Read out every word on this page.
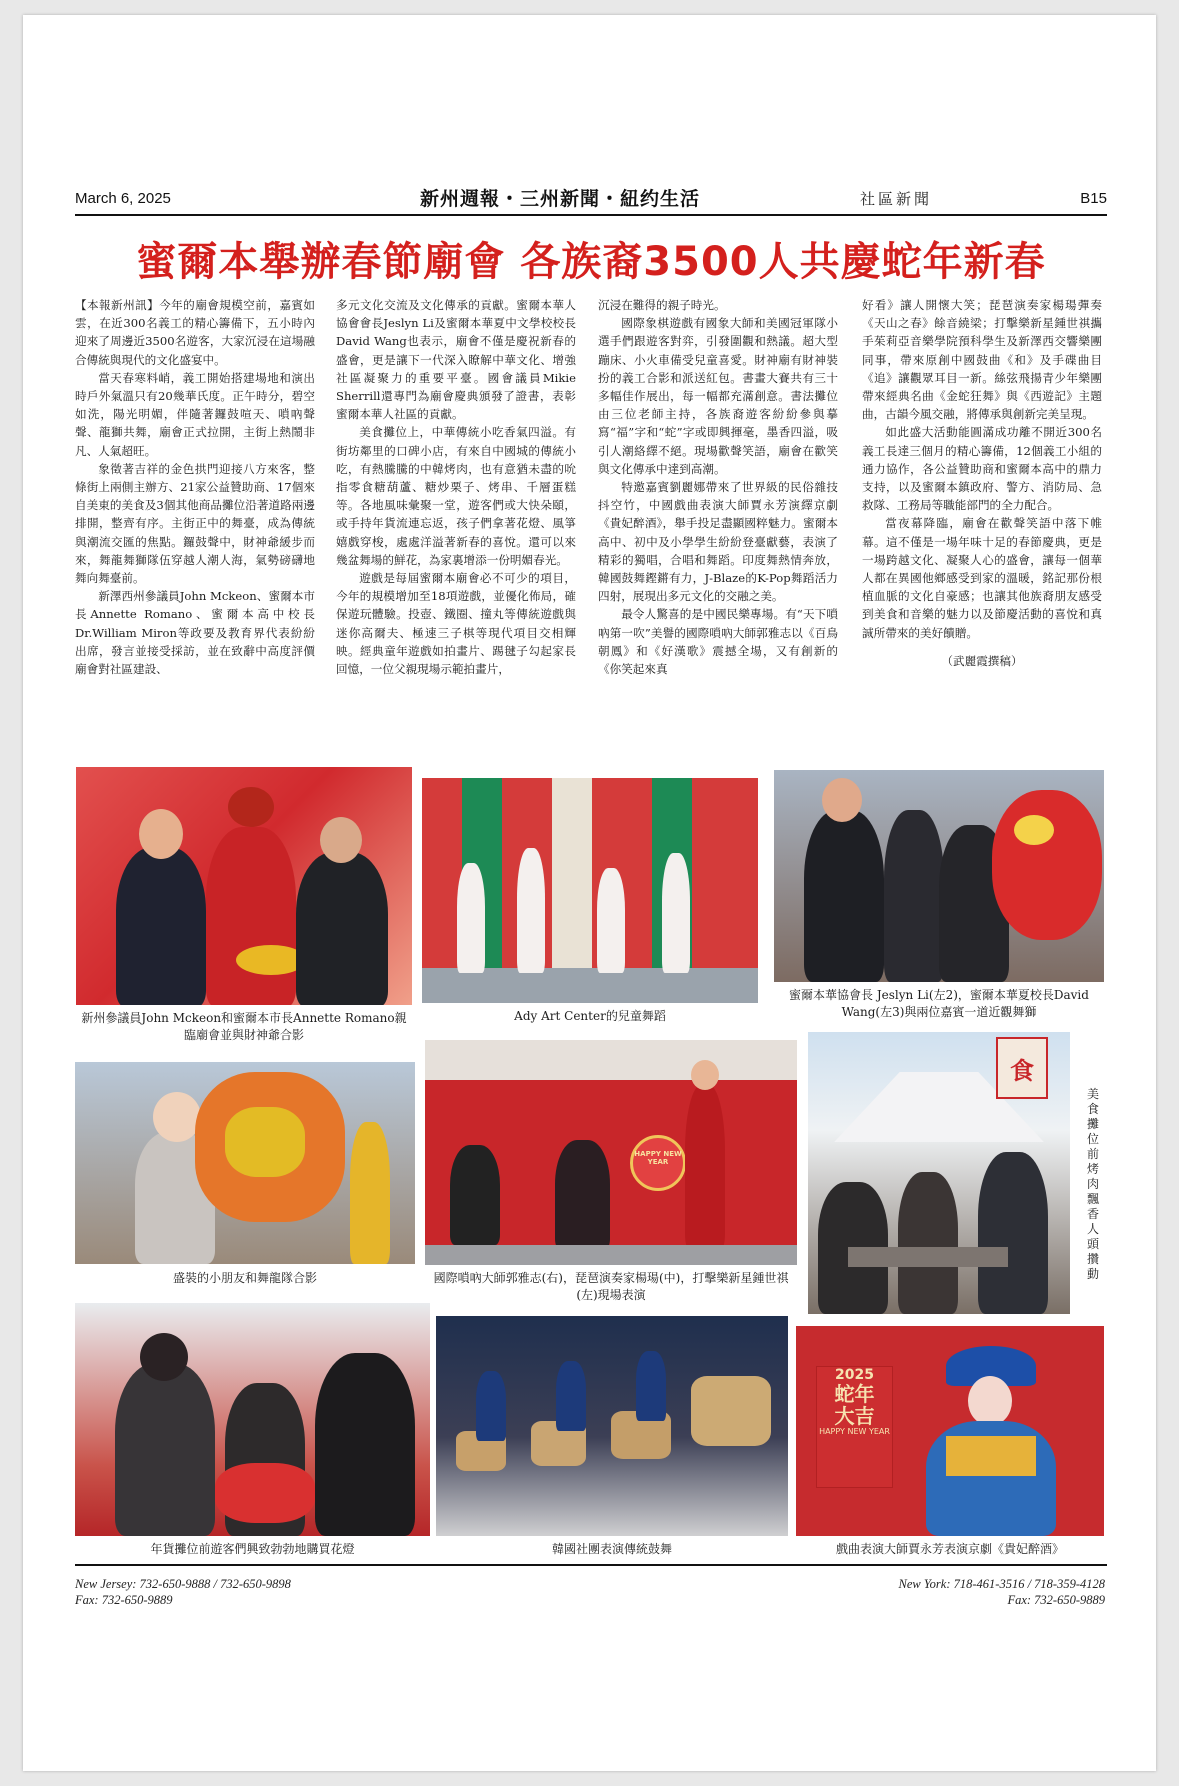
March 6, 2025	新州週報・三州新聞・紐约生活	社區新聞	B15
蜜爾本舉辦春節廟會 各族裔3500人共慶蛇年新春

【本報新州訊】今年的廟會規模空前，嘉賓如雲，在近300名義工的精心籌備下，五小時內迎來了周邊近3500名遊客，大家沉浸在這場融合傳統與現代的文化盛宴中。

當天春寒料峭，義工開始搭建場地和演出時戶外氣溫只有20幾華氏度。正午時分，碧空如洗，陽光明媚，伴隨著鑼鼓喧天、嗩吶聲聲、龍獅共舞，廟會正式拉開，主街上熱鬧非凡、人氣超旺。

象徵著吉祥的金色拱門迎接八方來客，整條街上兩側主辦方、21家公益贊助商、17個來自美東的美食及3個其他商品攤位沿著道路兩邊排開，整齊有序。主街正中的舞臺，成為傳統與潮流交匯的焦點。鑼鼓聲中，財神爺緩步而來，舞龍舞獅隊伍穿越人潮人海，氣勢磅礴地舞向舞臺前。

新澤西州參議員John Mckeon、蜜爾本市長Annette Romano、蜜爾本高中校長Dr.William Miron等政要及教育界代表紛紛出席，發言並接受採訪，並在致辭中高度評價廟會對社區建設、

多元文化交流及文化傳承的貢獻。蜜爾本華人協會會長Jeslyn Li及蜜爾本華夏中文學校校長David Wang也表示，廟會不僅是慶祝新春的盛會，更是讓下一代深入瞭解中華文化、增強社區凝聚力的重要平臺。國會議員Mikie Sherrill還專門為廟會慶典頒發了證書，表彰蜜爾本華人社區的貢獻。

美食攤位上，中華傳統小吃香氣四溢。有街坊鄰里的口碑小店，有來自中國城的傳統小吃，有熱騰騰的中韓烤肉，也有意猶未盡的吮指零食糖葫蘆、糖炒栗子、烤串、千層蛋糕等。各地風味彙聚一堂，遊客們或大快朵頤，或手持年貨流連忘返，孩子們拿著花燈、風箏嬉戲穿梭，處處洋溢著新春的喜悅。還可以來幾盆舞場的鮮花，為家裏增添一份明媚春光。

遊戲是每屆蜜爾本廟會必不可少的項目，今年的規模增加至18項遊戲，並優化佈局，確保遊玩體驗。投壺、鐵圈、撞丸等傳統遊戲與迷你高爾夫、極速三子棋等現代項目交相輝映。經典童年遊戲如拍畫片、踢毽子勾起家長回憶，一位父親現場示範拍畫片，

沉浸在難得的親子時光。

國際象棋遊戲有國象大師和美國冠軍隊小選手們跟遊客對弈，引發圍觀和熱議。超大型蹦床、小火車備受兒童喜愛。財神廟有財神裝扮的義工合影和派送紅包。書畫大賽共有三十多幅佳作展出，每一幅都充滿創意。書法攤位由三位老師主持，各族裔遊客紛紛參與摹寫“福”字和“蛇”字或即興揮毫，墨香四溢，吸引人潮絡繹不絕。現場歡聲笑語，廟會在歡笑與文化傳承中達到高潮。

特邀嘉賓劉麗娜帶來了世界級的民俗雜技抖空竹，中國戲曲表演大師賈永芳演繹京劇《貴妃醉酒》，舉手投足盡顯國粹魅力。蜜爾本高中、初中及小學學生紛紛登臺獻藝，表演了精彩的獨唱，合唱和舞蹈。印度舞熱情奔放，韓國鼓舞鏗鏘有力，J-Blaze的K-Pop舞蹈活力四射，展現出多元文化的交融之美。

最令人驚喜的是中國民樂專場。有“天下嗩吶第一吹”美譽的國際嗩吶大師郭雅志以《百鳥朝鳳》和《好漢歌》震撼全場，又有創新的《你笑起來真

好看》讓人開懷大笑；琵琶演奏家楊瑒彈奏《天山之春》餘音繞梁；打擊樂新星鍾世祺攜手茱莉亞音樂學院預科學生及新澤西交響樂團同事，帶來原創中國鼓曲《和》及手碟曲目《追》讓觀眾耳目一新。絲弦飛揚青少年樂團帶來經典名曲《金蛇狂舞》與《西遊記》主題曲，古韻今風交融，將傳承與創新完美呈現。

如此盛大活動能圓滿成功離不開近300名義工長達三個月的精心籌備，12個義工小組的通力協作，各公益贊助商和蜜爾本高中的鼎力支持，以及蜜爾本鎮政府、警方、消防局、急救隊、工務局等職能部門的全力配合。

當夜幕降臨，廟會在歡聲笑語中落下帷幕。這不僅是一場年味十足的春節慶典，更是一場跨越文化、凝聚人心的盛會，讓每一個華人都在異國他鄉感受到家的溫暖，銘記那份根植血脈的文化自豪感；也讓其他族裔朋友感受到美食和音樂的魅力以及節慶活動的喜悅和真誠所帶來的美好饋贈。

（武麗霞撰稿）

新州參議員John Mckeon和蜜爾本市長Annette Romano親臨廟會並與財神爺合影
Ady Art Center的兒童舞蹈
蜜爾本華協會長 Jeslyn Li(左2)，蜜爾本華夏校長David Wang(左3)與兩位嘉賓一道近觀舞獅
盛裝的小朋友和舞龍隊合影
HAPPY NEW YEAR
國際嗩吶大師郭雅志(右)，琵琶演奏家楊瑒(中)，打擊樂新星鍾世祺(左)現場表演
食
美食攤位前烤肉飄香人頭攢動
年貨攤位前遊客們興致勃勃地購買花燈	韓國社團表演傳統鼓舞
2025
蛇年大吉
HAPPY NEW YEAR
戲曲表演大師賈永芳表演京劇《貴妃醉酒》
New Jersey: 732-650-9888 / 732-650-9898
Fax: 732-650-9889
New York: 718-461-3516 / 718-359-4128
Fax: 732-650-9889
